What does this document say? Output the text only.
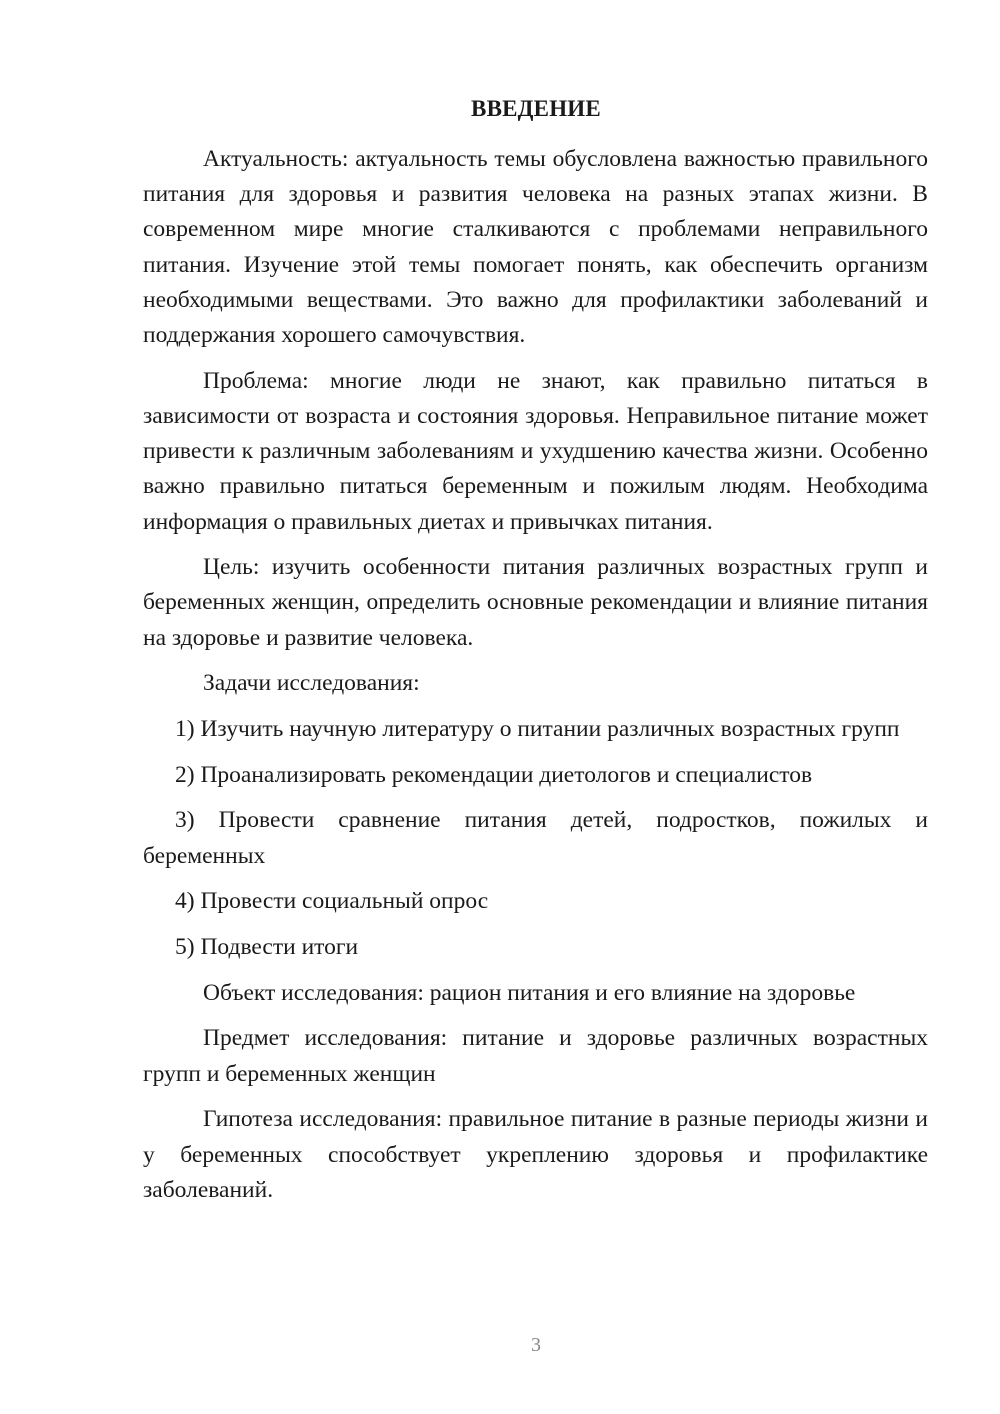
ВВЕДЕНИЕ

Актуальность: актуальность темы обусловлена важностью правильного питания для здоровья и развития человека на разных этапах жизни. В современном мире многие сталкиваются с проблемами неправильного питания. Изучение этой темы помогает понять, как обеспечить организм необходимыми веществами. Это важно для профилактики заболеваний и поддержания хорошего самочувствия.

Проблема: многие люди не знают, как правильно питаться в зависимости от возраста и состояния здоровья. Неправильное питание может привести к различным заболеваниям и ухудшению качества жизни. Особенно важно правильно питаться беременным и пожилым людям. Необходима информация о правильных диетах и привычках питания.

Цель: изучить особенности питания различных возрастных групп и беременных женщин, определить основные рекомендации и влияние питания на здоровье и развитие человека.

Задачи исследования:

1) Изучить научную литературу о питании различных возрастных групп

2) Проанализировать рекомендации диетологов и специалистов

3) Провести сравнение питания детей, подростков, пожилых и беременных

4) Провести социальный опрос

5) Подвести итоги

Объект исследования: рацион питания и его влияние на здоровье

Предмет исследования: питание и здоровье различных возрастных групп и беременных женщин

Гипотеза исследования: правильное питание в разные периоды жизни и у беременных способствует укреплению здоровья и профилактике заболеваний.

3
